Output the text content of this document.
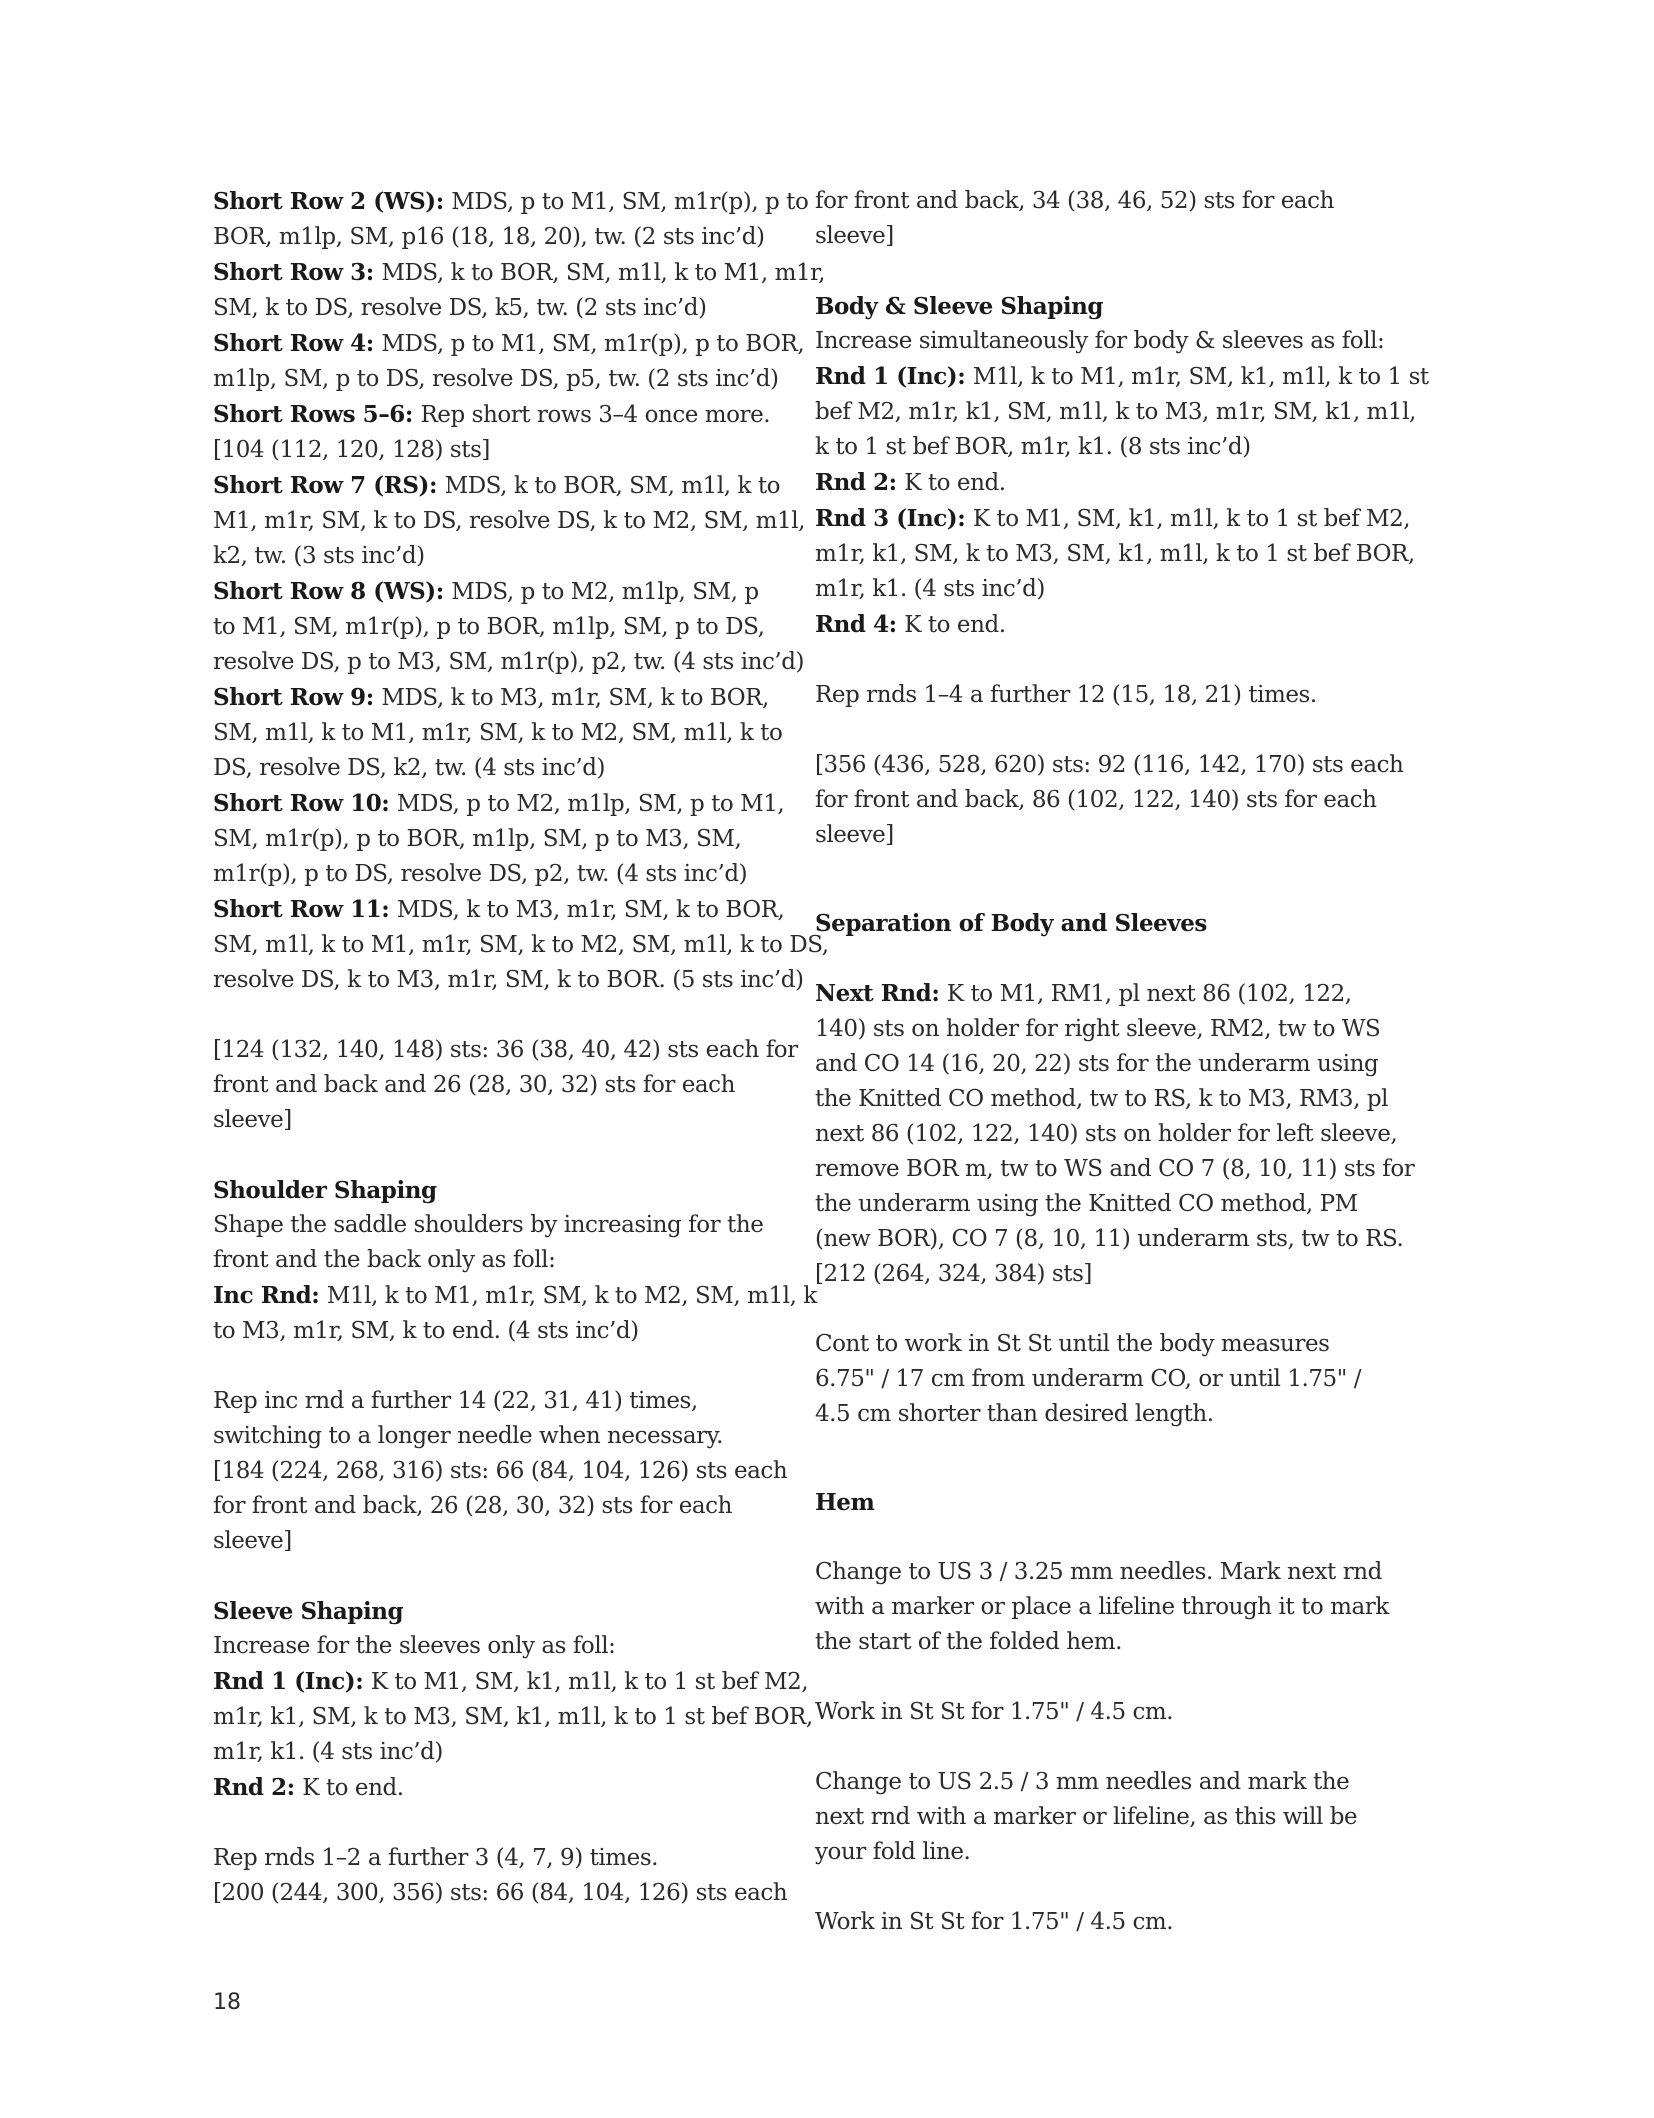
Short Row 2 (WS): MDS, p to M1, SM, m1r(p), p to
BOR, m1lp, SM, p16 (18, 18, 20), tw. (2 sts inc’d)
Short Row 3: MDS, k to BOR, SM, m1l, k to M1, m1r,
SM, k to DS, resolve DS, k5, tw. (2 sts inc’d)
Short Row 4: MDS, p to M1, SM, m1r(p), p to BOR,
m1lp, SM, p to DS, resolve DS, p5, tw. (2 sts inc’d)
Short Rows 5–6: Rep short rows 3–4 once more.
[104 (112, 120, 128) sts]
Short Row 7 (RS): MDS, k to BOR, SM, m1l, k to
M1, m1r, SM, k to DS, resolve DS, k to M2, SM, m1l,
k2, tw. (3 sts inc’d)
Short Row 8 (WS): MDS, p to M2, m1lp, SM, p
to M1, SM, m1r(p), p to BOR, m1lp, SM, p to DS,
resolve DS, p to M3, SM, m1r(p), p2, tw. (4 sts inc’d)
Short Row 9: MDS, k to M3, m1r, SM, k to BOR,
SM, m1l, k to M1, m1r, SM, k to M2, SM, m1l, k to
DS, resolve DS, k2, tw. (4 sts inc’d)
Short Row 10: MDS, p to M2, m1lp, SM, p to M1,
SM, m1r(p), p to BOR, m1lp, SM, p to M3, SM,
m1r(p), p to DS, resolve DS, p2, tw. (4 sts inc’d)
Short Row 11: MDS, k to M3, m1r, SM, k to BOR,
SM, m1l, k to M1, m1r, SM, k to M2, SM, m1l, k to DS,
resolve DS, k to M3, m1r, SM, k to BOR. (5 sts inc’d)
[124 (132, 140, 148) sts: 36 (38, 40, 42) sts each for
front and back and 26 (28, 30, 32) sts for each
sleeve]
Shoulder Shaping
Shape the saddle shoulders by increasing for the
front and the back only as foll:
Inc Rnd: M1l, k to M1, m1r, SM, k to M2, SM, m1l, k
to M3, m1r, SM, k to end. (4 sts inc’d)
Rep inc rnd a further 14 (22, 31, 41) times,
switching to a longer needle when necessary.
[184 (224, 268, 316) sts: 66 (84, 104, 126) sts each
for front and back, 26 (28, 30, 32) sts for each
sleeve]
Sleeve Shaping
Increase for the sleeves only as foll:
Rnd 1 (Inc): K to M1, SM, k1, m1l, k to 1 st bef M2,
m1r, k1, SM, k to M3, SM, k1, m1l, k to 1 st bef BOR,
m1r, k1. (4 sts inc’d)
Rnd 2: K to end.
Rep rnds 1–2 a further 3 (4, 7, 9) times.
[200 (244, 300, 356) sts: 66 (84, 104, 126) sts each
for front and back, 34 (38, 46, 52) sts for each
sleeve]
Body & Sleeve Shaping
Increase simultaneously for body & sleeves as foll:
Rnd 1 (Inc): M1l, k to M1, m1r, SM, k1, m1l, k to 1 st
bef M2, m1r, k1, SM, m1l, k to M3, m1r, SM, k1, m1l,
k to 1 st bef BOR, m1r, k1. (8 sts inc’d)
Rnd 2: K to end.
Rnd 3 (Inc): K to M1, SM, k1, m1l, k to 1 st bef M2,
m1r, k1, SM, k to M3, SM, k1, m1l, k to 1 st bef BOR,
m1r, k1. (4 sts inc’d)
Rnd 4: K to end.
Rep rnds 1–4 a further 12 (15, 18, 21) times.
[356 (436, 528, 620) sts: 92 (116, 142, 170) sts each
for front and back, 86 (102, 122, 140) sts for each
sleeve]
Separation of Body and Sleeves
Next Rnd: K to M1, RM1, pl next 86 (102, 122,
140) sts on holder for right sleeve, RM2, tw to WS
and CO 14 (16, 20, 22) sts for the underarm using
the Knitted CO method, tw to RS, k to M3, RM3, pl
next 86 (102, 122, 140) sts on holder for left sleeve,
remove BOR m, tw to WS and CO 7 (8, 10, 11) sts for
the underarm using the Knitted CO method, PM
(new BOR), CO 7 (8, 10, 11) underarm sts, tw to RS.
[212 (264, 324, 384) sts]
Cont to work in St St until the body measures
6.75" / 17 cm from underarm CO, or until 1.75" /
4.5 cm shorter than desired length.
Hem
Change to US 3 / 3.25 mm needles. Mark next rnd
with a marker or place a lifeline through it to mark
the start of the folded hem.
Work in St St for 1.75" / 4.5 cm.
Change to US 2.5 / 3 mm needles and mark the
next rnd with a marker or lifeline, as this will be
your fold line.
Work in St St for 1.75" / 4.5 cm.
18
